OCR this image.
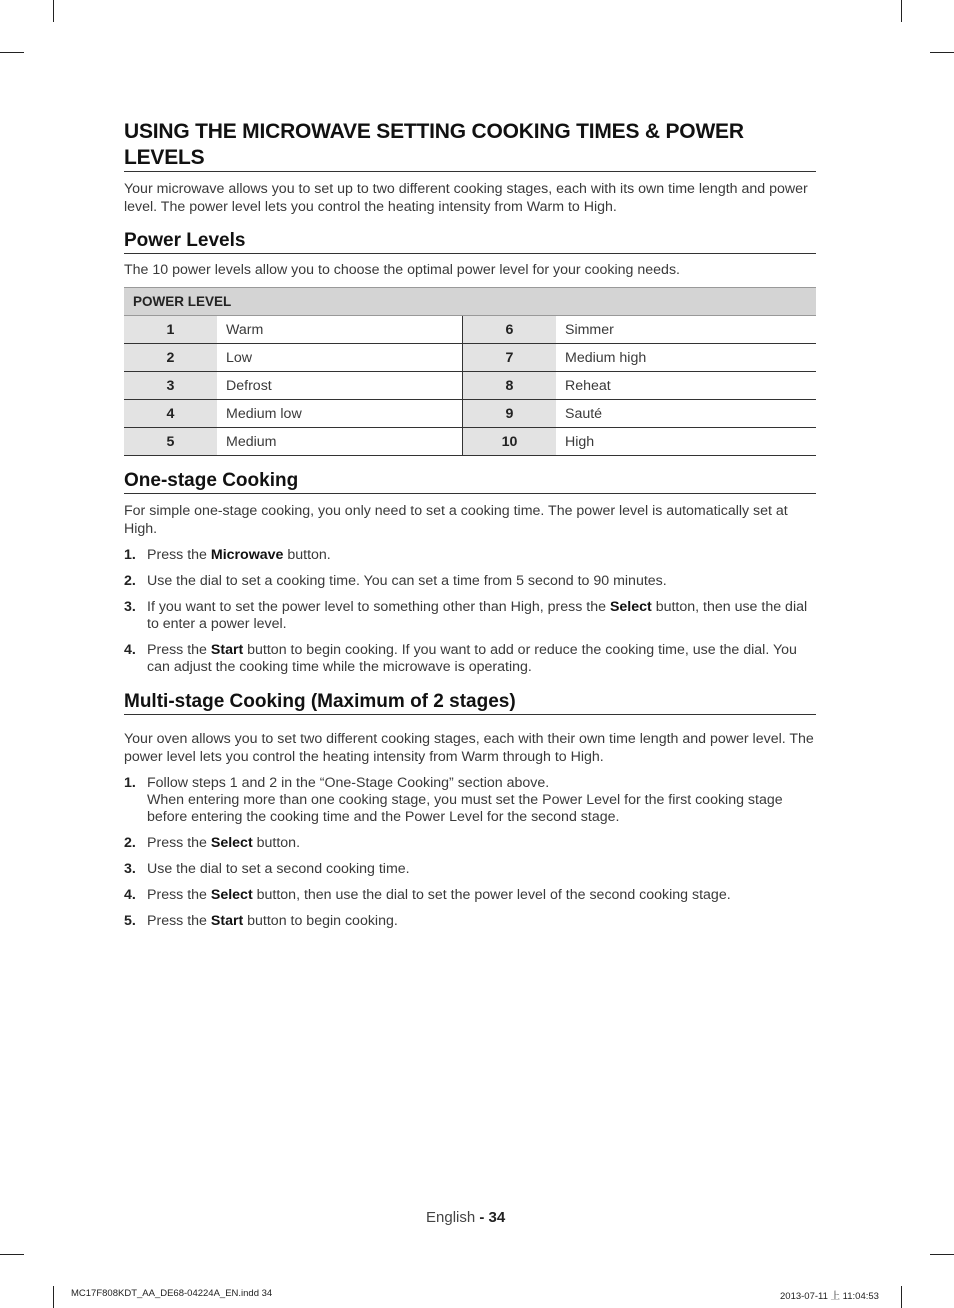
USING THE MICROWAVE SETTING COOKING TIMES & POWER LEVELS

Your microwave allows you to set up to two different cooking stages, each with its own time length and power level. The power level lets you control the heating intensity from Warm to High.

Power Levels

The 10 power levels allow you to choose the optimal power level for your cooking needs.

POWER LEVEL			
1	Warm	6	Simmer
2	Low	7	Medium high
3	Defrost	8	Reheat
4	Medium low	9	Sauté
5	Medium	10	High
One-stage Cooking

For simple one-stage cooking, you only need to set a cooking time. The power level is automatically set at High.

1. Press the Microwave button.
2. Use the dial to set a cooking time. You can set a time from 5 second to 90 minutes.
3. If you want to set the power level to something other than High, press the Select button, then use the dial to enter a power level.
4. Press the Start button to begin cooking. If you want to add or reduce the cooking time, use the dial. You can adjust the cooking time while the microwave is operating.
Multi-stage Cooking (Maximum of 2 stages)

Your oven allows you to set two different cooking stages, each with their own time length and power level. The power level lets you control the heating intensity from Warm through to High.

1. Follow steps 1 and 2 in the “One-Stage Cooking” section above.
When entering more than one cooking stage, you must set the Power Level for the first cooking stage before entering the cooking time and the Power Level for the second stage.
2. Press the Select button.
3. Use the dial to set a second cooking time.
4. Press the Select button, then use the dial to set the power level of the second cooking stage.
5. Press the Start button to begin cooking.
English - 34
MC17F808KDT_AA_DE68-04224A_EN.indd 34	2013-07-11 上 11:04:53
